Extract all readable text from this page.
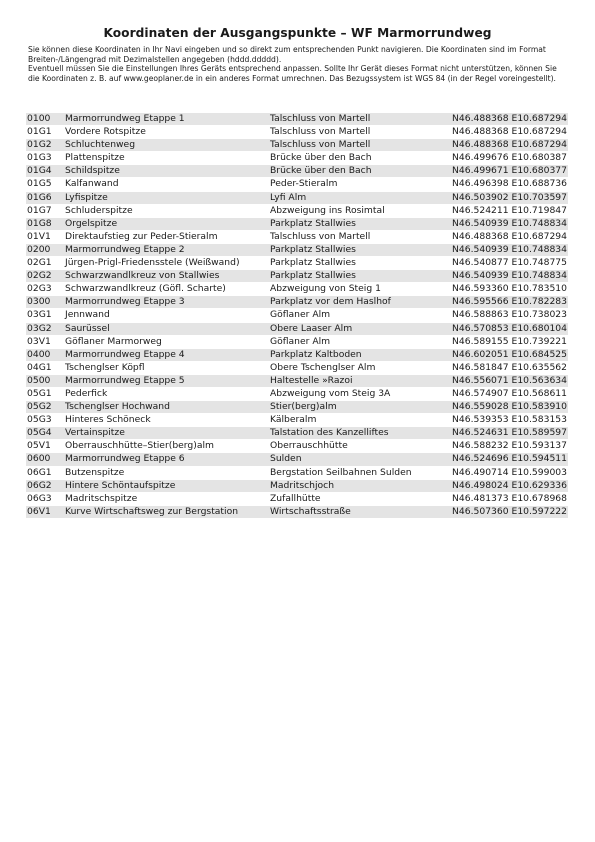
Koordinaten der Ausgangspunkte – WF Marmorrundweg

Sie können diese Koordinaten in Ihr Navi eingeben und so direkt zum entsprechenden Punkt navigieren. Die Koordinaten sind im Format Breiten-/Längengrad mit Dezimalstellen angegeben (hddd.ddddd).

Eventuell müssen Sie die Einstellungen Ihres Geräts entsprechend anpassen. Sollte Ihr Gerät dieses Format nicht unterstützen, können Sie die Koordinaten z. B. auf www.geoplaner.de in ein anderes Format umrechnen. Das Bezugssystem ist WGS 84 (in der Regel voreingestellt).

0100	Marmorrundweg Etappe 1	Talschluss von Martell	N46.488368 E10.687294
01G1	Vordere Rotspitze	Talschluss von Martell	N46.488368 E10.687294
01G2	Schluchtenweg	Talschluss von Martell	N46.488368 E10.687294
01G3	Plattenspitze	Brücke über den Bach	N46.499676 E10.680387
01G4	Schildspitze	Brücke über den Bach	N46.499671 E10.680377
01G5	Kalfanwand	Peder-Stieralm	N46.496398 E10.688736
01G6	Lyfispitze	Lyfi Alm	N46.503902 E10.703597
01G7	Schluderspitze	Abzweigung ins Rosimtal	N46.524211 E10.719847
01G8	Orgelspitze	Parkplatz Stallwies	N46.540939 E10.748834
01V1	Direktaufstieg zur Peder-Stieralm	Talschluss von Martell	N46.488368 E10.687294
0200	Marmorrundweg Etappe 2	Parkplatz Stallwies	N46.540939 E10.748834
02G1	Jürgen-Prigl-Friedensstele (Weißwand)	Parkplatz Stallwies	N46.540877 E10.748775
02G2	Schwarzwandlkreuz von Stallwies	Parkplatz Stallwies	N46.540939 E10.748834
02G3	Schwarzwandlkreuz (Göfl. Scharte)	Abzweigung von Steig 1	N46.593360 E10.783510
0300	Marmorrundweg Etappe 3	Parkplatz vor dem Haslhof	N46.595566 E10.782283
03G1	Jennwand	Göflaner Alm	N46.588863 E10.738023
03G2	Saurüssel	Obere Laaser Alm	N46.570853 E10.680104
03V1	Göflaner Marmorweg	Göflaner Alm	N46.589155 E10.739221
0400	Marmorrundweg Etappe 4	Parkplatz Kaltboden	N46.602051 E10.684525
04G1	Tschenglser Köpfl	Obere Tschenglser Alm	N46.581847 E10.635562
0500	Marmorrundweg Etappe 5	Haltestelle »Razoi	N46.556071 E10.563634
05G1	Pederfick	Abzweigung vom Steig 3A	N46.574907 E10.568611
05G2	Tschenglser Hochwand	Stier(berg)alm	N46.559028 E10.583910
05G3	Hinteres Schöneck	Kälberalm	N46.539353 E10.583153
05G4	Vertainspitze	Talstation des Kanzelliftes	N46.524631 E10.589597
05V1	Oberrauschhütte–Stier(berg)alm	Oberrauschhütte	N46.588232 E10.593137
0600	Marmorrundweg Etappe 6	Sulden	N46.524696 E10.594511
06G1	Butzenspitze	Bergstation Seilbahnen Sulden	N46.490714 E10.599003
06G2	Hintere Schöntaufspitze	Madritschjoch	N46.498024 E10.629336
06G3	Madritschspitze	Zufallhütte	N46.481373 E10.678968
06V1	Kurve Wirtschaftsweg zur Bergstation	Wirtschaftsstraße	N46.507360 E10.597222
